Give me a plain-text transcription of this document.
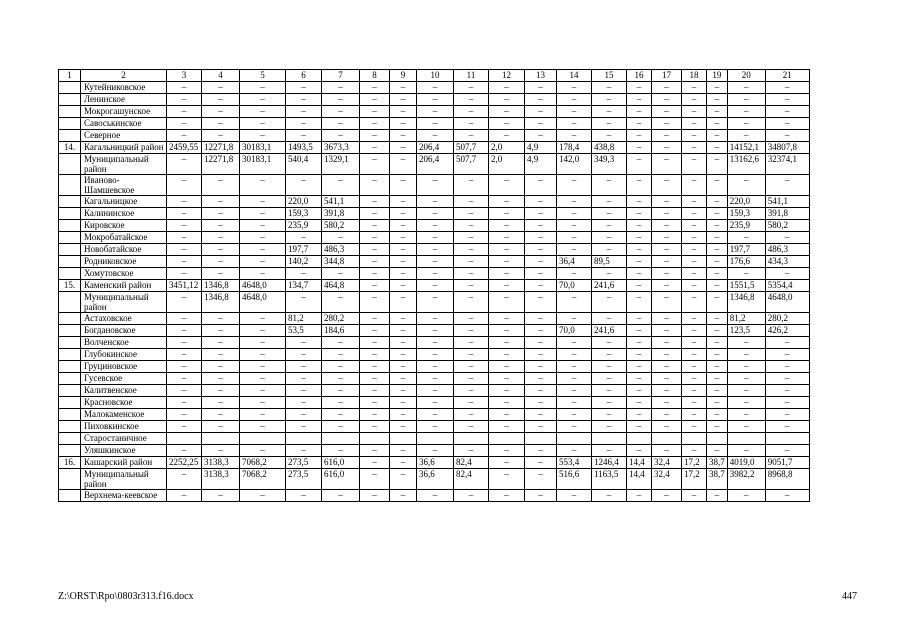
1	2	3	4	5	6	7	8	9	10	11	12	13	14	15	16	17	18	19	20	21
	Кутейниковское	–	–	–	–	–	–	–	–	–	–	–	–	–	–	–	–	–	–	–
	Ленинское	–	–	–	–	–	–	–	–	–	–	–	–	–	–	–	–	–	–	–
	Мокрогашунское	–	–	–	–	–	–	–	–	–	–	–	–	–	–	–	–	–	–	–
	Савоськинское	–	–	–	–	–	–	–	–	–	–	–	–	–	–	–	–	–	–	–
	Северное	–	–	–	–	–	–	–	–	–	–	–	–	–	–	–	–	–	–	–
14.	Кагальницкий район	2459,55	12271,8	30183,1	1493,5	3673,3	–	–	206,4	507,7	2,0	4,9	178,4	438,8	–	–	–	–	14152,1	34807,8
	Муниципальный район	–	12271,8	30183,1	540,4	1329,1	–	–	206,4	507,7	2,0	4,9	142,0	349,3	–	–	–	–	13162,6	32374,1
	Иваново-Шамшевское	–	–	–	–	–	–	–	–	–	–	–	–	–	–	–	–	–	–	–
	Кагальницкое	–	–	–	220,0	541,1	–	–	–	–	–	–	–	–	–	–	–	–	220,0	541,1
	Калининское	–	–	–	159,3	391,8	–	–	–	–	–	–	–	–	–	–	–	–	159,3	391,8
	Кировское	–	–	–	235,9	580,2	–	–	–	–	–	–	–	–	–	–	–	–	235,9	580,2
	Мокробатайское	–	–	–	–	–	–	–	–	–	–	–	–	–	–	–	–	–	–	–
	Новобатайское	–	–	–	197,7	486,3	–	–	–	–	–	–	–	–	–	–	–	–	197,7	486,3
	Родниковское	–	–	–	140,2	344,8	–	–	–	–	–	–	36,4	89,5	–	–	–	–	176,6	434,3
	Хомутовское	–	–	–	–	–	–	–	–	–	–	–	–	–	–	–	–	–	–	–
15.	Каменский район	3451,12	1346,8	4648,0	134,7	464,8	–	–	–	–	–	–	70,0	241,6	–	–	–	–	1551,5	5354,4
	Муниципальный район	–	1346,8	4648,0	–	–	–	–	–	–	–	–	–	–	–	–	–	–	1346,8	4648,0
	Астаховское	–	–	–	81,2	280,2	–	–	–	–	–	–	–	–	–	–	–	–	81,2	280,2
	Богдановское	–	–	–	53,5	184,6	–	–	–	–	–	–	70,0	241,6	–	–	–	–	123,5	426,2
	Волченское	–	–	–	–	–	–	–	–	–	–	–	–	–	–	–	–	–	–	–
	Глубокинское	–	–	–	–	–	–	–	–	–	–	–	–	–	–	–	–	–	–	–
	Груциновское	–	–	–	–	–	–	–	–	–	–	–	–	–	–	–	–	–	–	–
	Гусевское	–	–	–	–	–	–	–	–	–	–	–	–	–	–	–	–	–	–	–
	Калитвенское	–	–	–	–	–	–	–	–	–	–	–	–	–	–	–	–	–	–	–
	Красновское	–	–	–	–	–	–	–	–	–	–	–	–	–	–	–	–	–	–	–
	Малокаменское	–	–	–	–	–	–	–	–	–	–	–	–	–	–	–	–	–	–	–
	Пиховкинское	–	–	–	–	–	–	–	–	–	–	–	–	–	–	–	–	–	–	–
	Старостаничное																			
	Уляшкинское	–	–	–	–	–	–	–	–	–	–	–	–	–	–	–	–	–	–	–
16.	Кашарский район	2252,25	3138,3	7068,2	273,5	616,0	–	–	36,6	82,4	–	–	553,4	1246,4	14,4	32,4	17,2	38,7	4019,0	9051,7
	Муниципальный район	–	3138,3	7068,2	273,5	616,0	–	–	36,6	82,4	–	–	516,6	1163,5	14,4	32,4	17,2	38,7	3982,2	8968,8
	Верхнема-кеевское	–	–	–	–	–	–	–	–	–	–	–	–	–	–	–	–	–	–	–
Z:\ORST\Rpo\0803r313.f16.docx	447
